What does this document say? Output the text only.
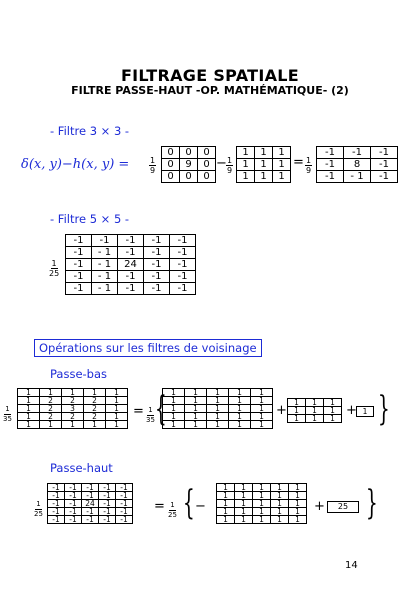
FILTRAGE SPATIALE
FILTRE PASSE-HAUT -OP. MATHÉMATIQUE- (2)
- Filtre 3 × 3 -
δ(x, y)−h(x, $y) = \frac{1}{9}$
0	0	0
0	9	0
0	0	0
− $\frac{1}{9}$
1	1	1
1	1	1
1	1	1
= $\frac{1}{9}$
-1	-1	-1
-1	8	-1
-1	- 1	-1
- Filtre 5 × 5 -
$\frac{1}{25}$
-1	-1	-1	-1	-1
-1	- 1	-1	-1	-1
-1	- 1	24	-1	-1
-1	- 1	-1	-1	-1
-1	- 1	-1	-1	-1
Opérations sur les filtres de voisinage
Passe-bas
$\frac{1}{35}$
1	1	1	1	1
1	2	2	2	1
1	2	3	2	1
1	2	2	2	1
1	1	1	1	1
= $\frac{1}{35}$
{ 1	1	1	1	1
1	1	1	1	1
1	1	1	1	1
1	1	1	1	1
1	1	1	1	1
+
1	1	1
1	1	1
1	1	1
+ 1 }
Passe-haut
$\frac{1}{25}$
-1	-1	-1	-1	-1
-1	-1	-1	-1	-1
-1	-1	24	-1	-1
-1	-1	-1	-1	-1
-1	-1	-1	-1	-1
= $\frac{1}{25}$ { −
1	1	1	1	1
1	1	1	1	1
1	1	1	1	1
1	1	1	1	1
1	1	1	1	1
+	25 }
14
